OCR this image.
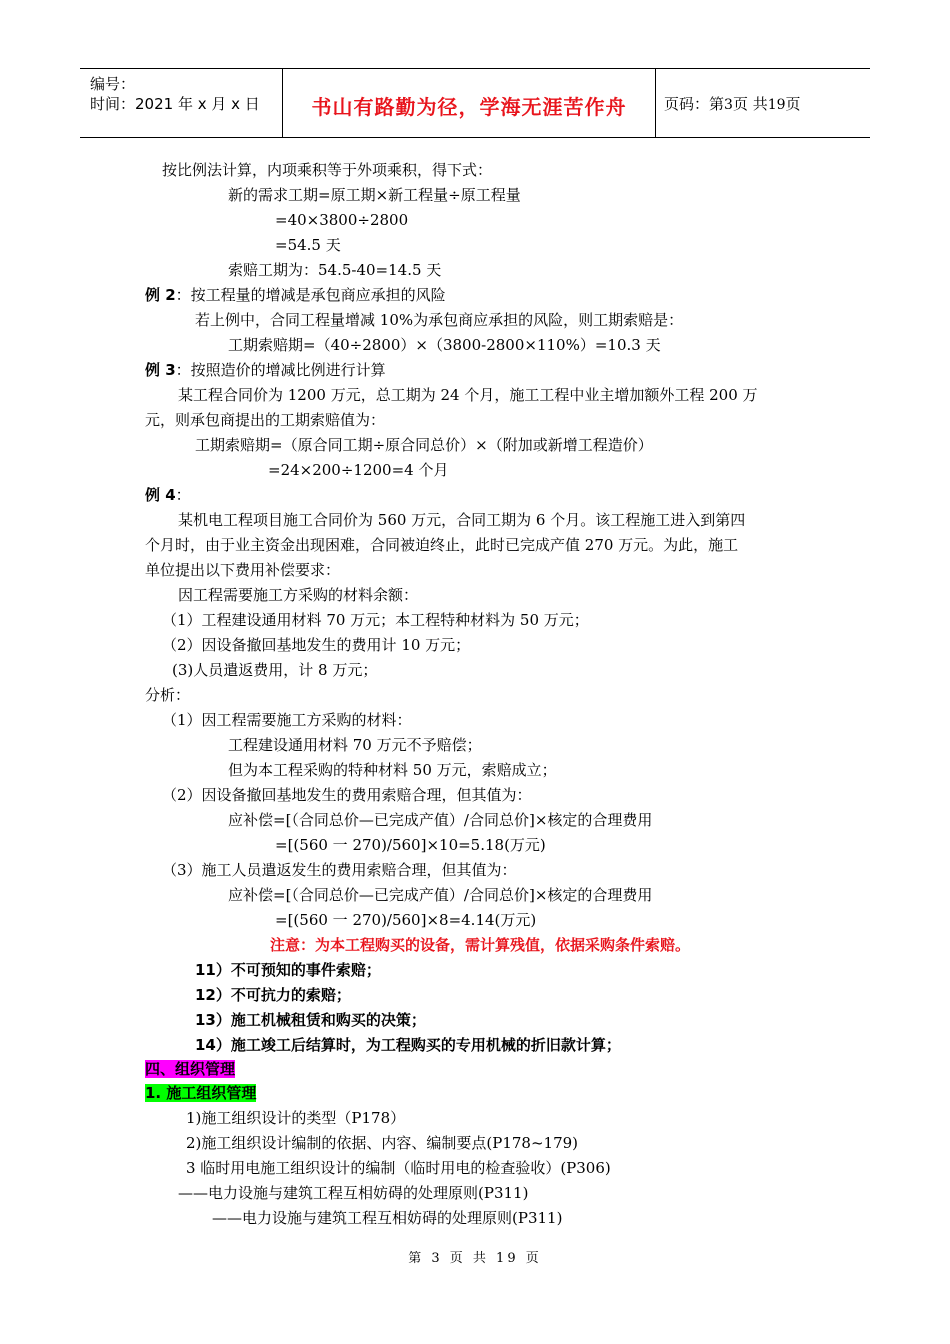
编号：
时间：2021 年 x 月 x 日	书山有路勤为径，学海无涯苦作舟	页码：第3页 共19页
按比例法计算，内项乘积等于外项乘积，得下式：
新的需求工期=原工期×新工程量÷原工程量
=40×3800÷2800
=54.5 天
索赔工期为：54.5-40=14.5 天
例 2：按工程量的增减是承包商应承担的风险
若上例中，合同工程量增减 10%为承包商应承担的风险，则工期索赔是：
工期索赔期=（40÷2800）×（3800-2800×110%）=10.3 天
例 3：按照造价的增减比例进行计算
某工程合同价为 1200 万元，总工期为 24 个月，施工工程中业主增加额外工程 200 万
元，则承包商提出的工期索赔值为：
工期索赔期=（原合同工期÷原合同总价）×（附加或新增工程造价）
=24×200÷1200=4 个月
例 4：
某机电工程项目施工合同价为 560 万元，合同工期为 6 个月。该工程施工进入到第四
个月时，由于业主资金出现困难，合同被迫终止，此时已完成产值 270 万元。为此，施工
单位提出以下费用补偿要求：
因工程需要施工方采购的材料余额：
（1）工程建设通用材料 70 万元；本工程特种材料为 50 万元；
（2）因设备撤回基地发生的费用计 10 万元；
(3)人员遣返费用，计 8 万元；
分析：
（1）因工程需要施工方采购的材料：
工程建设通用材料 70 万元不予赔偿；
但为本工程采购的特种材料 50 万元，索赔成立；
（2）因设备撤回基地发生的费用索赔合理，但其值为：
应补偿=[（合同总价—已完成产值）/合同总价]×核定的合理费用
=[(560 一 270)/560]×10=5.18(万元)
（3）施工人员遣返发生的费用索赔合理，但其值为：
应补偿=[（合同总价—已完成产值）/合同总价]×核定的合理费用
=[(560 一 270)/560]×8=4.14(万元)
注意：为本工程购买的设备，需计算残值，依据采购条件索赔。
11）不可预知的事件索赔；
12）不可抗力的索赔；
13）施工机械租赁和购买的决策；
14）施工竣工后结算时，为工程购买的专用机械的折旧款计算；
四、组织管理
1. 施工组织管理
1)施工组织设计的类型（P178）
2)施工组织设计编制的依据、内容、编制要点(P178~179)
3 临时用电施工组织设计的编制（临时用电的检查验收）(P306)
——电力设施与建筑工程互相妨碍的处理原则(P311)
——电力设施与建筑工程互相妨碍的处理原则(P311)
第 3 页 共 19 页
